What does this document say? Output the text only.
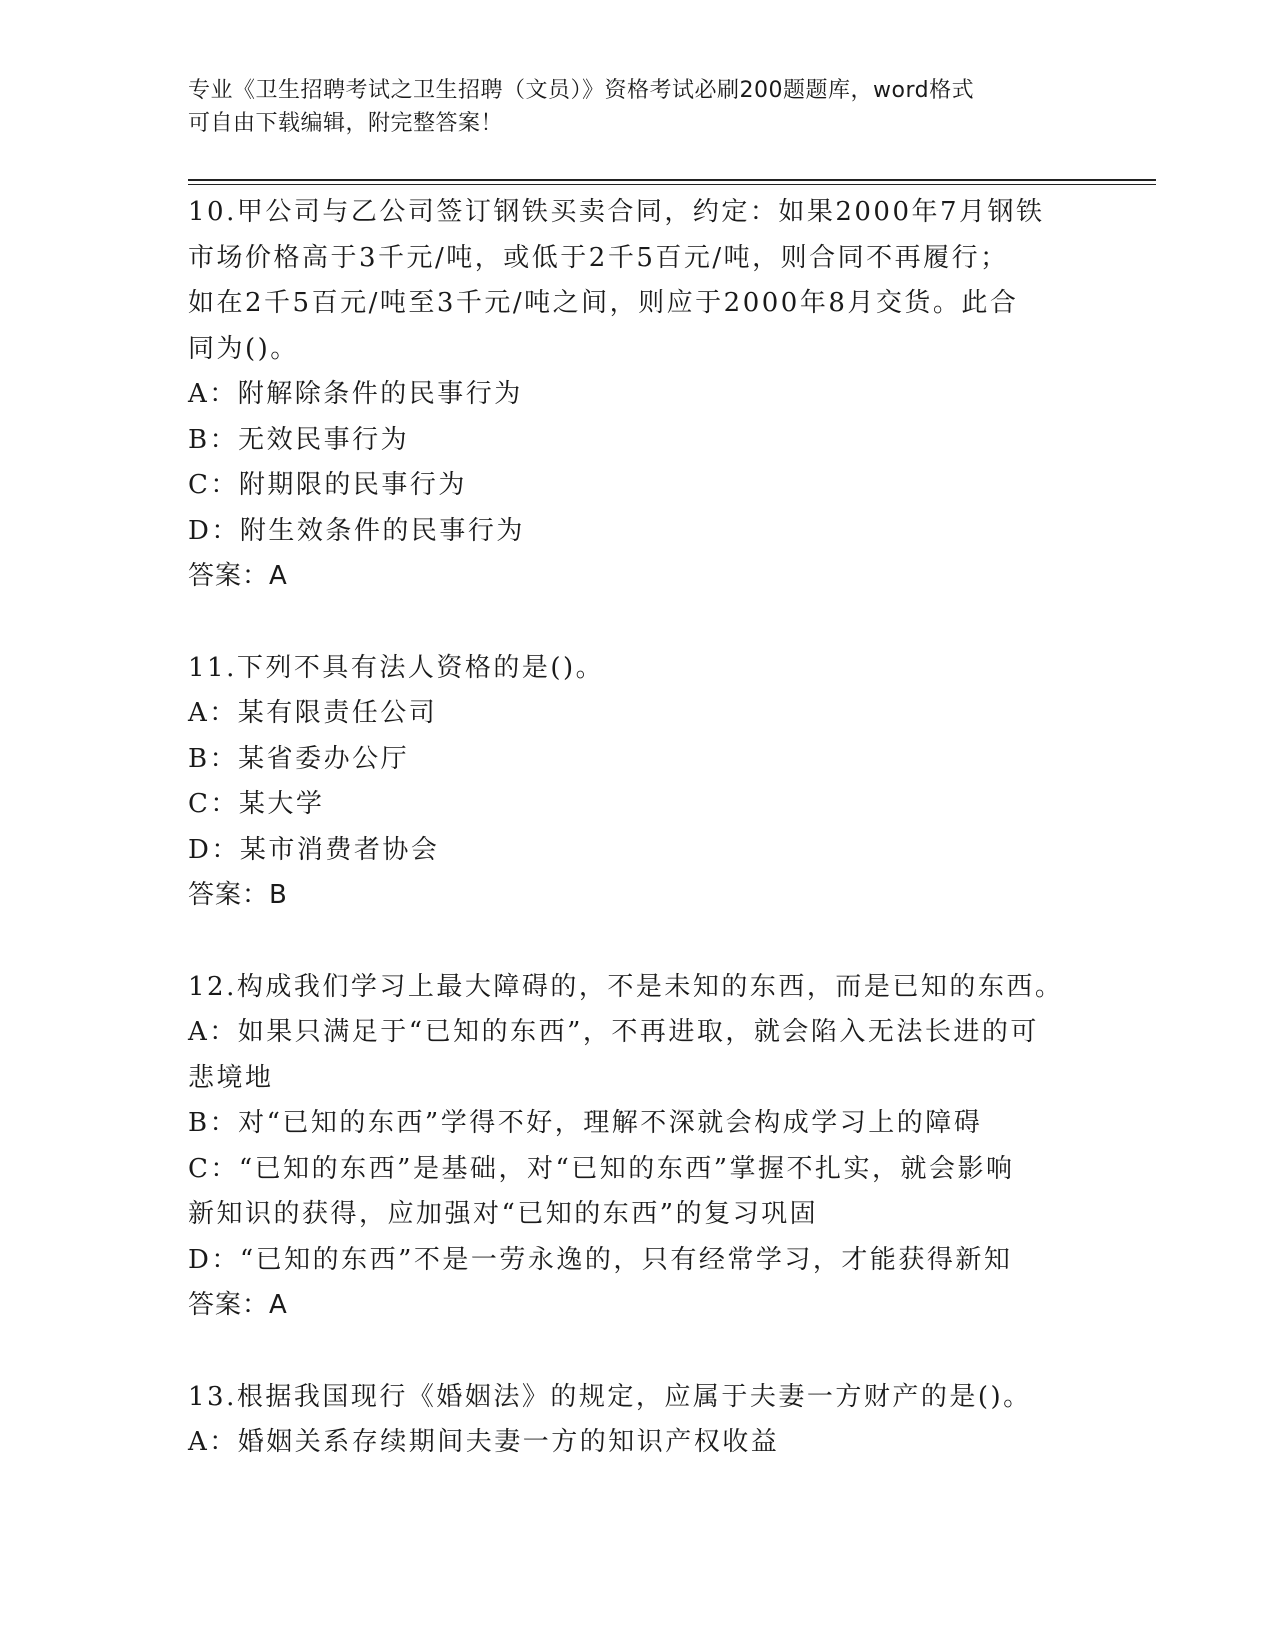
专业《卫生招聘考试之卫生招聘（文员）》资格考试必刷200题题库，word格式
可自由下载编辑，附完整答案！
10.甲公司与乙公司签订钢铁买卖合同，约定：如果2000年7月钢铁
市场价格高于3千元/吨，或低于2千5百元/吨，则合同不再履行；
如在2千5百元/吨至3千元/吨之间，则应于2000年8月交货。此合
同为()。
A：附解除条件的民事行为
B：无效民事行为
C：附期限的民事行为
D：附生效条件的民事行为
答案：A
11.下列不具有法人资格的是()。
A：某有限责任公司
B：某省委办公厅
C：某大学
D：某市消费者协会
答案：B
12.构成我们学习上最大障碍的，不是未知的东西，而是已知的东西。
A：如果只满足于“已知的东西”，不再进取，就会陷入无法长进的可
悲境地
B：对“已知的东西”学得不好，理解不深就会构成学习上的障碍
C：“已知的东西”是基础，对“已知的东西”掌握不扎实，就会影响
新知识的获得，应加强对“已知的东西”的复习巩固
D：“已知的东西”不是一劳永逸的，只有经常学习，才能获得新知
答案：A
13.根据我国现行《婚姻法》的规定，应属于夫妻一方财产的是()。
A：婚姻关系存续期间夫妻一方的知识产权收益
